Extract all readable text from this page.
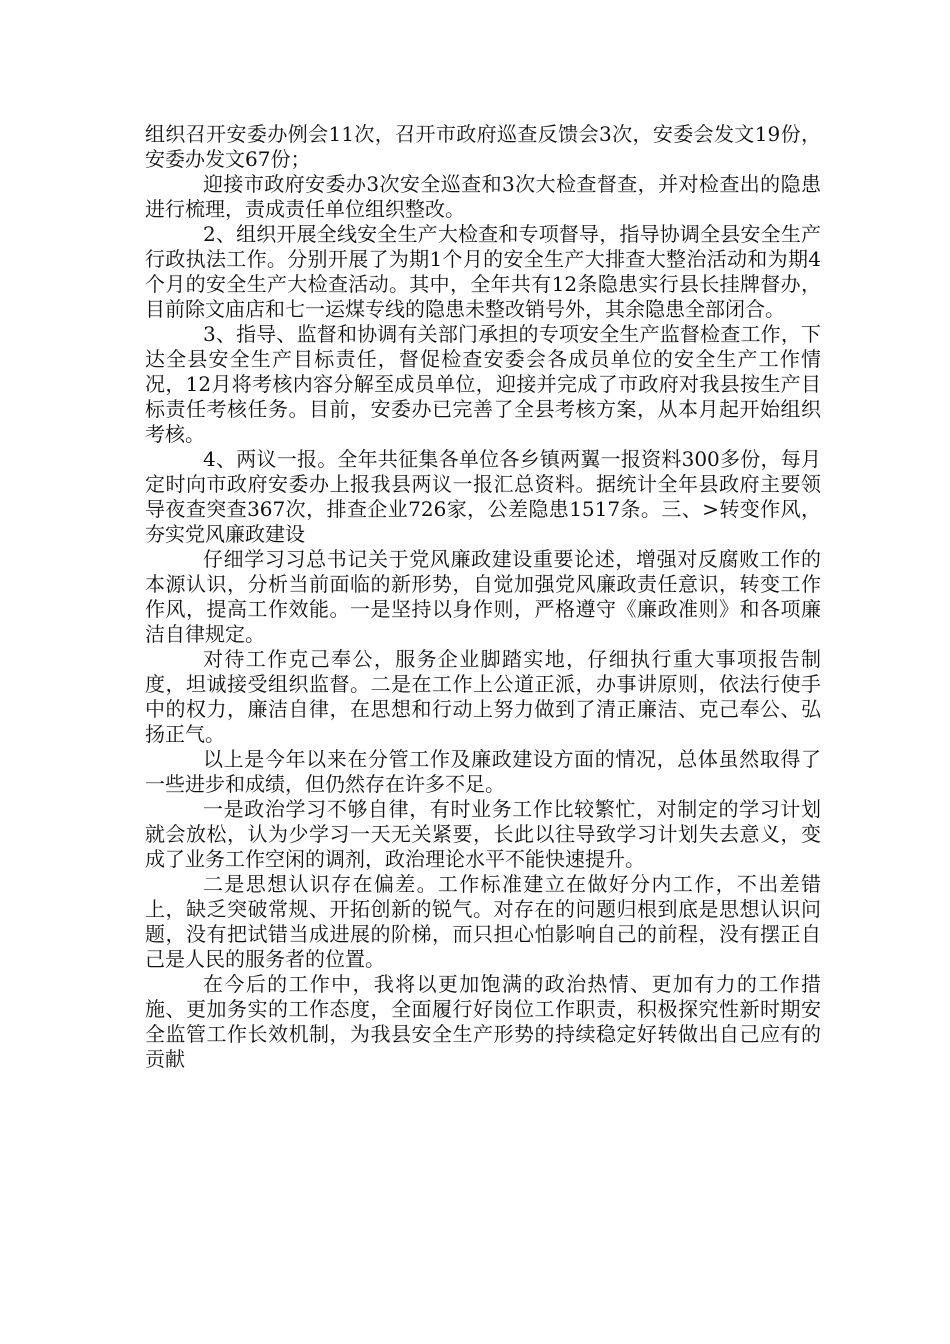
组织召开安委办例会11次，召开市政府巡查反馈会3次，安委会发文19份，安委办发文67份；

迎接市政府安委办3次安全巡查和3次大检查督查，并对检查出的隐患进行梳理，责成责任单位组织整改。

2、组织开展全线安全生产大检查和专项督导，指导协调全县安全生产行政执法工作。分别开展了为期1个月的安全生产大排查大整治活动和为期4个月的安全生产大检查活动。其中，全年共有12条隐患实行县长挂牌督办，目前除文庙店和七一运煤专线的隐患未整改销号外，其余隐患全部闭合。

3、指导、监督和协调有关部门承担的专项安全生产监督检查工作，下达全县安全生产目标责任，督促检查安委会各成员单位的安全生产工作情况，12月将考核内容分解至成员单位，迎接并完成了市政府对我县按生产目标责任考核任务。目前，安委办已完善了全县考核方案，从本月起开始组织考核。

4、两议一报。全年共征集各单位各乡镇两翼一报资料300多份，每月定时向市政府安委办上报我县两议一报汇总资料。据统计全年县政府主要领导夜查突查367次，排查企业726家，公差隐患1517条。三、>转变作风，夯实党风廉政建设

仔细学习习总书记关于党风廉政建设重要论述，增强对反腐败工作的本源认识，分析当前面临的新形势，自觉加强党风廉政责任意识，转变工作作风，提高工作效能。一是坚持以身作则，严格遵守《廉政准则》和各项廉洁自律规定。

对待工作克己奉公，服务企业脚踏实地，仔细执行重大事项报告制度，坦诚接受组织监督。二是在工作上公道正派，办事讲原则，依法行使手中的权力，廉洁自律，在思想和行动上努力做到了清正廉洁、克己奉公、弘扬正气。

以上是今年以来在分管工作及廉政建设方面的情况，总体虽然取得了一些进步和成绩，但仍然存在许多不足。

一是政治学习不够自律，有时业务工作比较繁忙，对制定的学习计划就会放松，认为少学习一天无关紧要，长此以往导致学习计划失去意义，变成了业务工作空闲的调剂，政治理论水平不能快速提升。

二是思想认识存在偏差。工作标准建立在做好分内工作，不出差错上，缺乏突破常规、开拓创新的锐气。对存在的问题归根到底是思想认识问题，没有把试错当成进展的阶梯，而只担心怕影响自己的前程，没有摆正自己是人民的服务者的位置。

在今后的工作中，我将以更加饱满的政治热情、更加有力的工作措施、更加务实的工作态度，全面履行好岗位工作职责，积极探究性新时期安全监管工作长效机制，为我县安全生产形势的持续稳定好转做出自己应有的贡献
